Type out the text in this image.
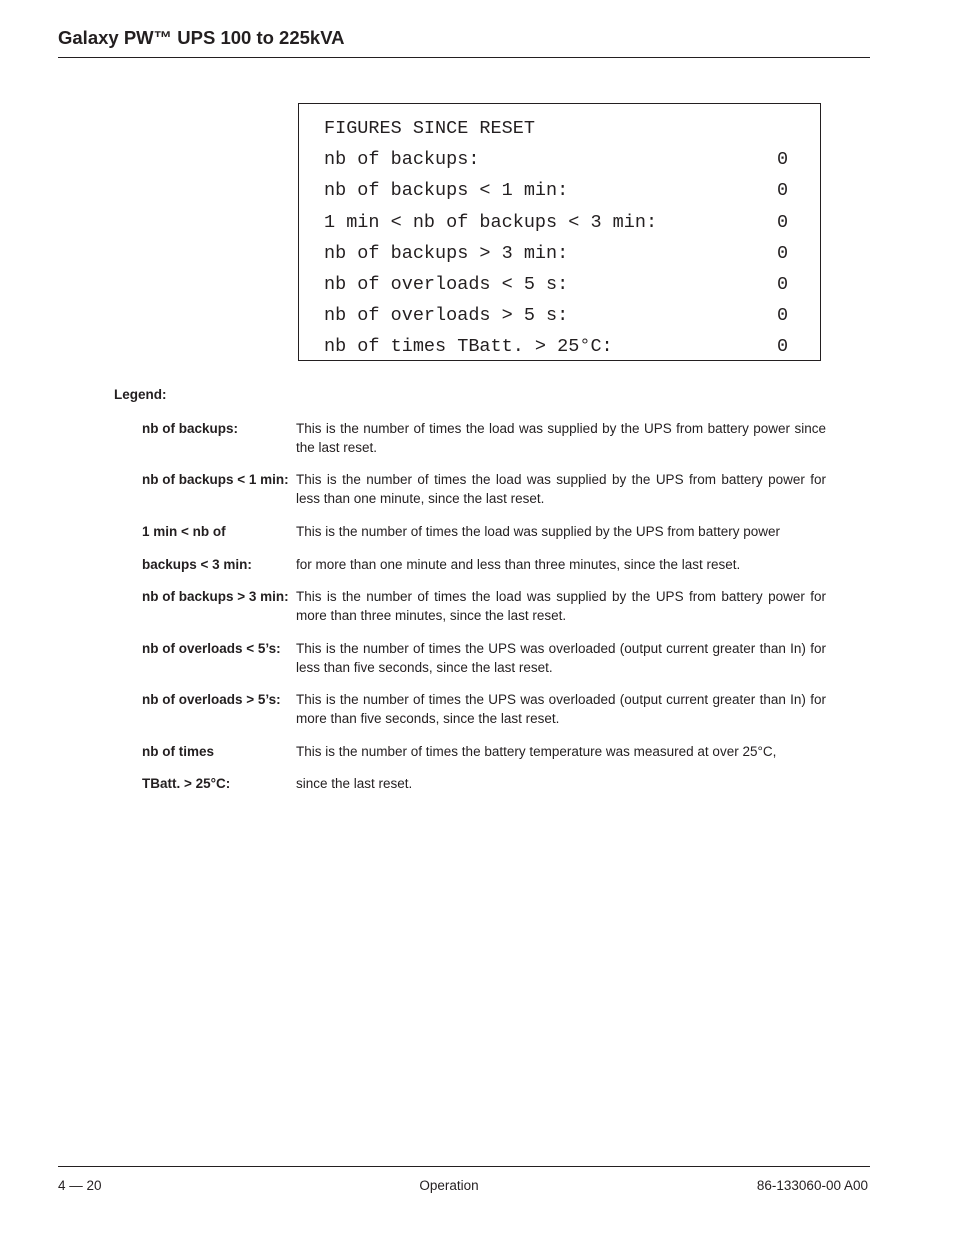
Galaxy PW™ UPS 100 to 225kVA
FIGURES SINCE RESET
nb of backups:	0
nb of backups < 1 min:	0
1 min < nb of backups < 3 min:	0
nb of backups > 3 min:	0
nb of overloads < 5 s:	0
nb of overloads > 5 s:	0
nb of times TBatt. > 25°C:	0
Legend:
nb of backups:	This is the number of times the load was supplied by the UPS from battery power since the last reset.
nb of backups < 1 min: This is the number of times the load was supplied by the UPS from battery power for less than one minute, since the last reset.
1 min < nb of	This is the number of times the load was supplied by the UPS from battery power
backups < 3 min:	for more than one minute and less than three minutes, since the last reset.
nb of backups > 3 min: This is the number of times the load was supplied by the UPS from battery power for more than three minutes, since the last reset.
nb of overloads < 5’s:	This is the number of times the UPS was overloaded (output current greater than In) for less than five seconds, since the last reset.
nb of overloads > 5’s:	This is the number of times the UPS was overloaded (output current greater than In) for more than five seconds, since the last reset.
nb of times	This is the number of times the battery temperature was measured at over 25°C,
TBatt. > 25°C:	since the last reset.
4 — 20	Operation	86-133060-00 A00
